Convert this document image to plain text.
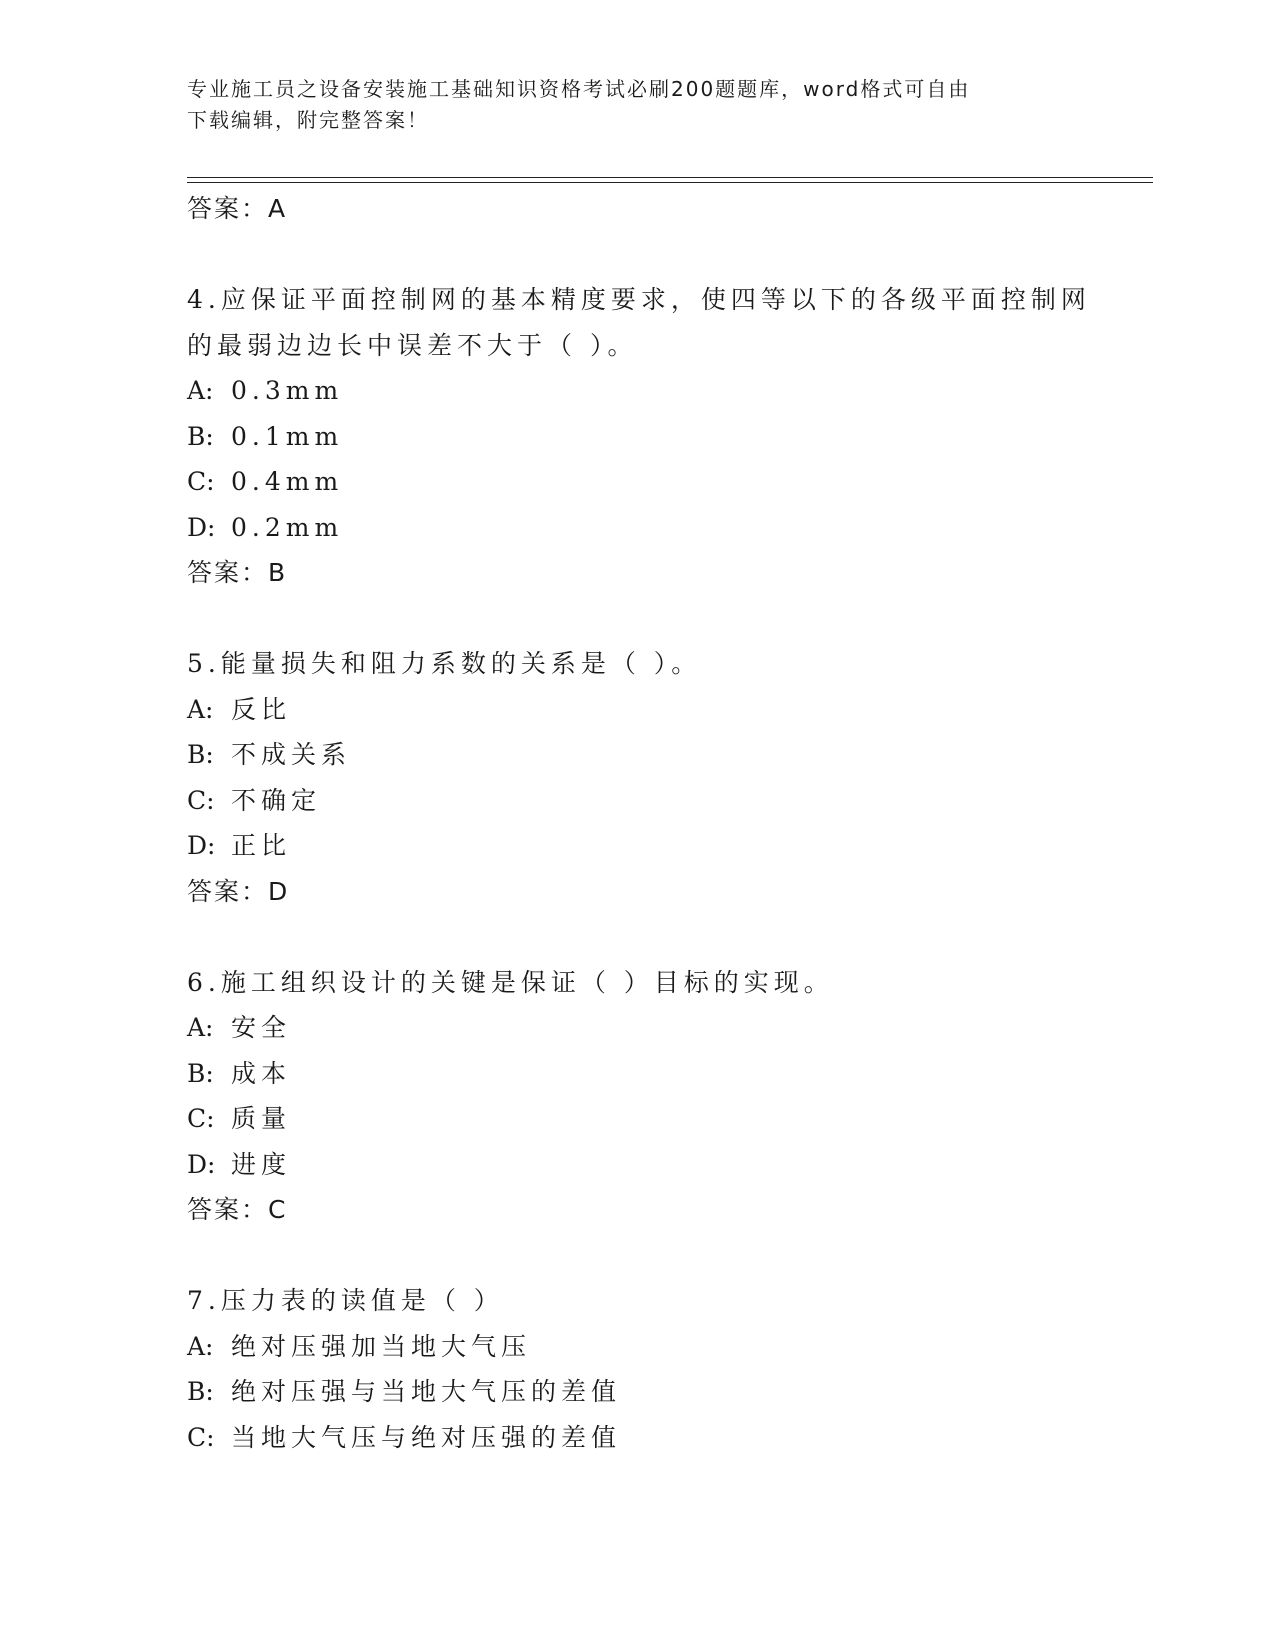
专业施工员之设备安装施工基础知识资格考试必刷200题题库，word格式可自由
下载编辑，附完整答案！
答案：A
4.应保证平面控制网的基本精度要求，使四等以下的各级平面控制网
的最弱边边长中误差不大于（ ）。
A: 0.3mm
B: 0.1mm
C: 0.4mm
D: 0.2mm
答案：B
5.能量损失和阻力系数的关系是（ ）。
A: 反比
B: 不成关系
C: 不确定
D: 正比
答案：D
6.施工组织设计的关键是保证（ ）目标的实现。
A: 安全
B: 成本
C: 质量
D: 进度
答案：C
7.压力表的读值是（ ）
A: 绝对压强加当地大气压
B: 绝对压强与当地大气压的差值
C: 当地大气压与绝对压强的差值
